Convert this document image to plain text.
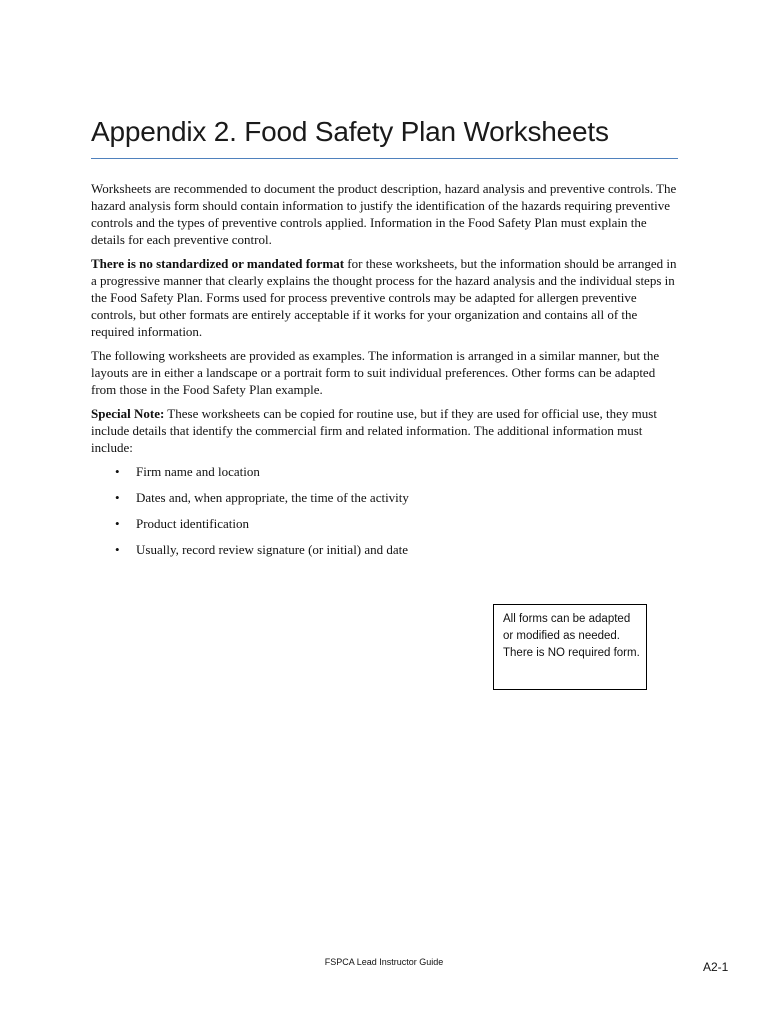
Appendix 2. Food Safety Plan Worksheets

Worksheets are recommended to document the product description, hazard analysis and preventive controls. The hazard analysis form should contain information to justify the identification of the hazards requiring preventive controls and the types of preventive controls applied. Information in the Food Safety Plan must explain the details for each preventive control.

There is no standardized or mandated format for these worksheets, but the information should be arranged in a progressive manner that clearly explains the thought process for the hazard analysis and the individual steps in the Food Safety Plan. Forms used for process preventive controls may be adapted for allergen preventive controls, but other formats are entirely acceptable if it works for your organization and contains all of the required information.

The following worksheets are provided as examples. The information is arranged in a similar manner, but the layouts are in either a landscape or a portrait form to suit individual preferences. Other forms can be adapted from those in the Food Safety Plan example.

Special Note: These worksheets can be copied for routine use, but if they are used for official use, they must include details that identify the commercial firm and related information. The additional information must include:

• Firm name and location
• Dates and, when appropriate, the time of the activity
• Product identification
• Usually, record review signature (or initial) and date
All forms can be adapted or modified as needed. There is NO required form.
FSPCA Lead Instructor Guide	A2-1
